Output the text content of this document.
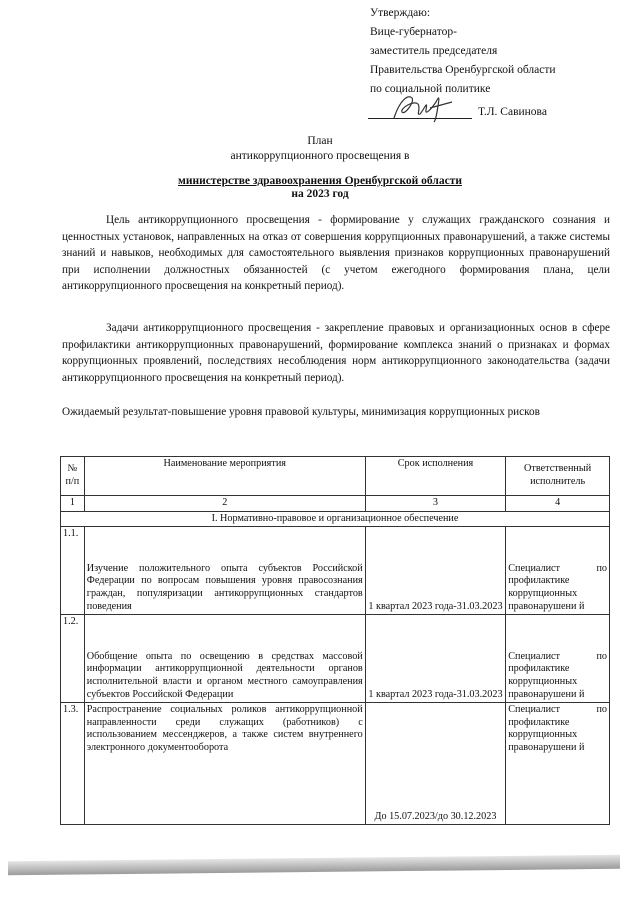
Утверждаю:
Вице-губернатор-
заместитель председателя
Правительства Оренбургской области
по социальной политике
Т.Л. Савинова
План
антикоррупционного просвещения в
министерстве здравоохранения Оренбургской области
на 2023 год

Цель антикоррупционного просвещения - формирование у служащих гражданского сознания и ценностных установок, направленных на отказ от совершения коррупционных правонарушений, а также системы знаний и навыков, необходимых для самостоятельного выявления признаков коррупционных правонарушений при исполнении должностных обязанностей (с учетом ежегодного формирования плана, цели антикоррупционного просвещения на конкретный период).

Задачи антикоррупционного просвещения - закрепление правовых и организационных основ в сфере профилактики антикоррупционных правонарушений, формирование комплекса знаний о признаках и формах коррупционных проявлений, последствиях несоблюдения норм антикоррупционного законодательства (задачи антикоррупционного просвещения на конкретный период).

Ожидаемый результат-повышение уровня правовой культуры, минимизация коррупционных рисков

№ п/п	Наименование мероприятия	Срок исполнения	Ответственный исполнитель
1	2	3	4
I. Нормативно-правовое и организационное обеспечение			
1.1.	Изучение положительного опыта субъектов Российской Федерации по вопросам повышения уровня правосознания граждан, популяризации антикоррупционных стандартов поведения	1 квартал 2023 года-31.03.2023	Специалист по профилактике коррупционных правонарушени й
1.2.	Обобщение опыта по освещению в средствах массовой информации антикоррупционной деятельности органов исполнительной власти и органом местного самоуправления субъектов Российской Федерации	1 квартал 2023 года-31.03.2023	Специалист по профилактике коррупционных правонарушени й
1.3.	Распространение социальных роликов антикоррупционной направленности среди служащих (работников) с использованием мессенджеров, а также систем внутреннего электронного документооборота	До 15.07.2023/до 30.12.2023	Специалист по профилактике коррупционных правонарушени й
